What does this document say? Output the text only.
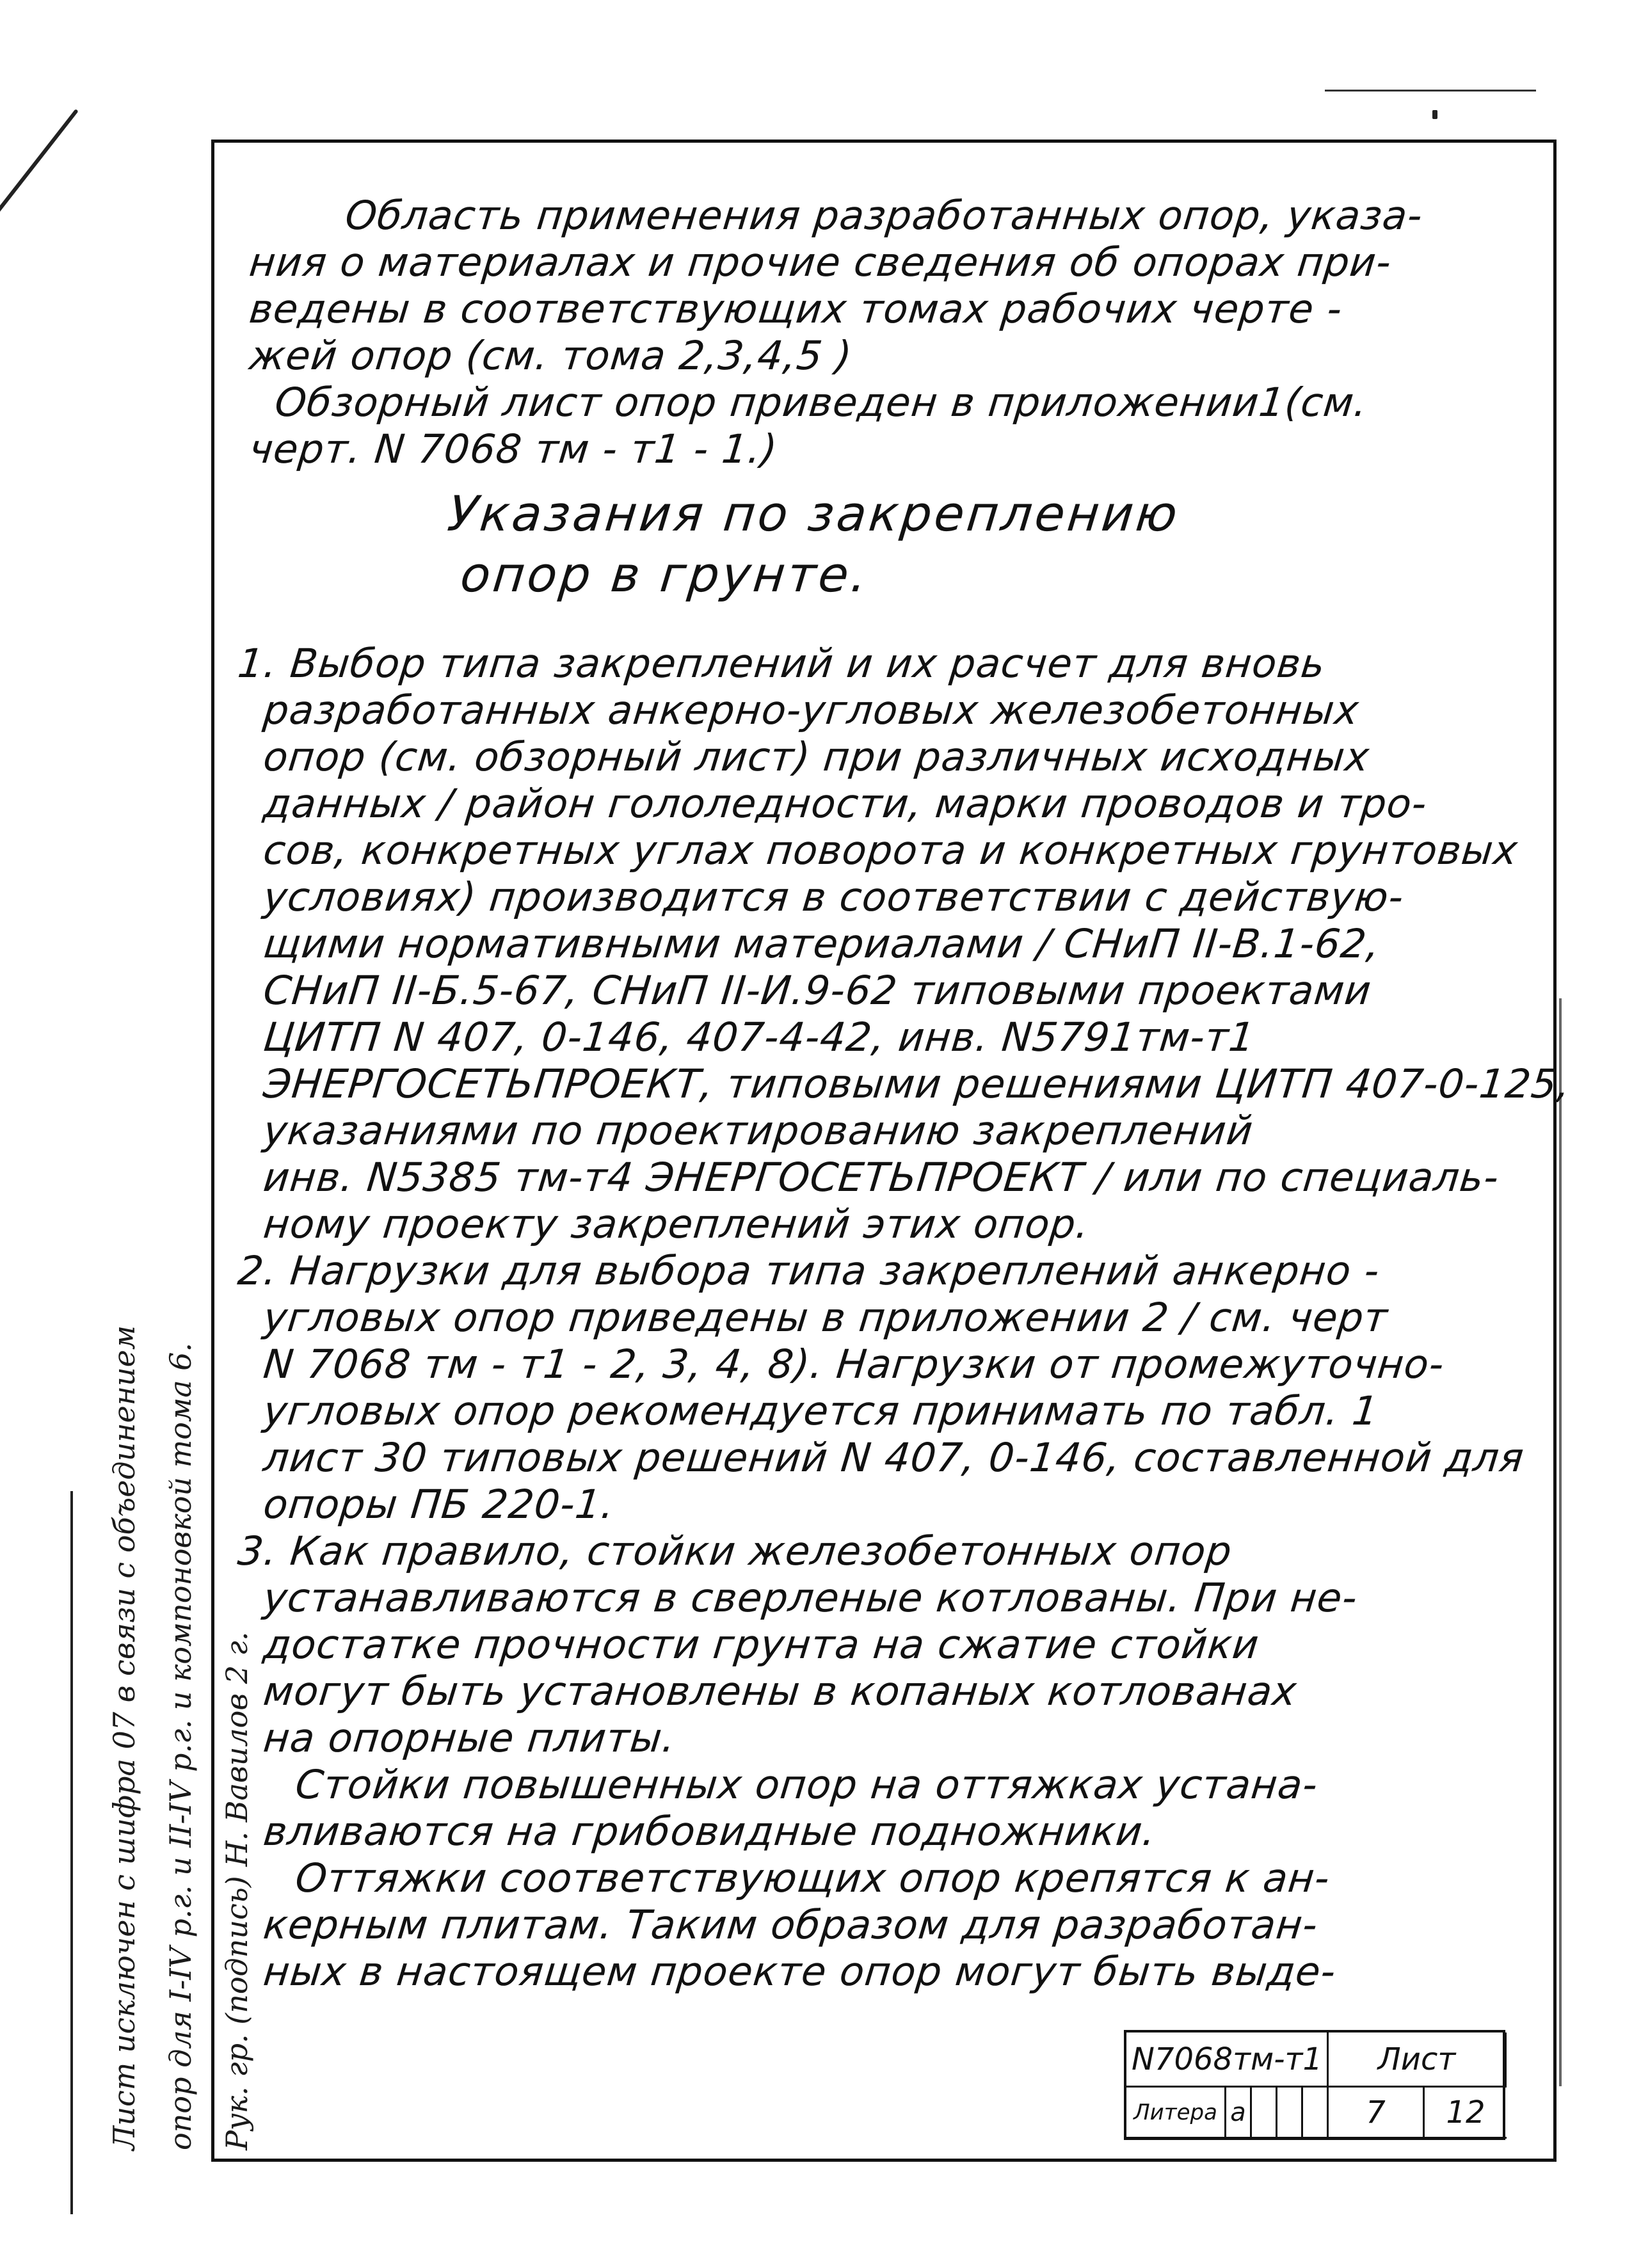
Область применения разработанных опор, указа-
ния о материалах и прочие сведения об опорах при-
ведены в соответствующих томах рабочих черте -
жей опор (см. тома 2,3,4,5 )
Обзорный лист опор приведен в приложении1(см.
черт. N 7068 тм - т1 - 1.)
Указания по закреплению
опор в грунте.
1. Выбор типа закреплений и их расчет для вновь
разработанных анкерно-угловых железобетонных
опор (см. обзорный лист) при различных исходных
данных / район гололедности, марки проводов и тро-
сов, конкретных углах поворота и конкретных грунтовых
условиях) производится в соответствии с действую-
щими нормативными материалами / СНиП II-В.1-62,
СНиП II-Б.5-67, СНиП II-И.9-62 типовыми проектами
ЦИТП N 407, 0-146, 407-4-42, инв. N5791тм-т1
ЭНЕРГОСЕТЬПРОЕКТ, типовыми решениями ЦИТП 407-0-125,
указаниями по проектированию закреплений
инв. N5385 тм-т4 ЭНЕРГОСЕТЬПРОЕКТ / или по специаль-
ному проекту закреплений этих опор.
2. Нагрузки для выбора типа закреплений анкерно -
угловых опор приведены в приложении 2 / см. черт
N 7068 тм - т1 - 2, 3, 4, 8). Нагрузки от промежуточно-
угловых опор рекомендуется принимать по табл. 1
лист 30 типовых решений N 407, 0-146, составленной для
опоры ПБ 220-1.
3. Как правило, стойки железобетонных опор
устанавливаются в сверленые котлованы. При не-
достатке прочности грунта на сжатие стойки
могут быть установлены в копаных котлованах
на опорные плиты.
Стойки повышенных опор на оттяжках устана-
вливаются на грибовидные подножники.
Оттяжки соответствующих опор крепятся к ан-
керным плитам. Таким образом для разработан-
ных в настоящем проекте опор могут быть выде-
Лист исключен с шифра 07 в связи с объединением опор для I-IV р.г. и II-IV р.г. и компоновкой тома 6. Рук. гр. (подпись) Н. Вавилов 2 г.	N7068тм-т1	Лист
Литера а	7	12
